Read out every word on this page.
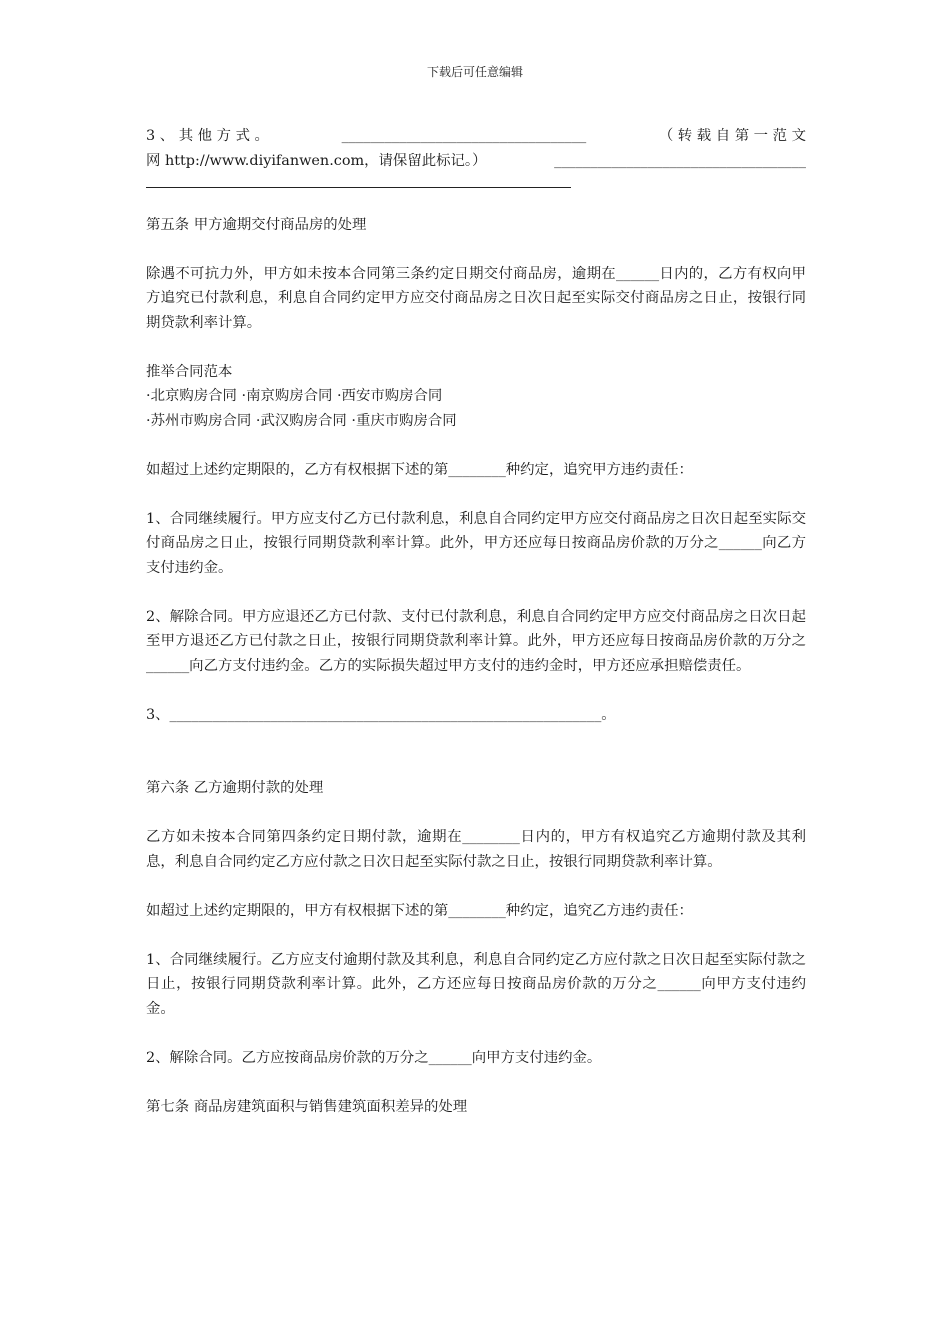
下载后可任意编辑
3 、 其 他 方 式 。	__________________________________	（ 转 载 自 第 一 范 文
网 http://www.diyifanwen.com，请保留此标记。）	___________________________________
第五条 甲方逾期交付商品房的处理
除遇不可抗力外，甲方如未按本合同第三条约定日期交付商品房，逾期在______日内的，乙方有权向甲方追究已付款利息，利息自合同约定甲方应交付商品房之日次日起至实际交付商品房之日止，按银行同期贷款利率计算。
推举合同范本
·北京购房合同 ·南京购房合同 ·西安市购房合同
·苏州市购房合同 ·武汉购房合同 ·重庆市购房合同
如超过上述约定期限的，乙方有权根据下述的第________种约定，追究甲方违约责任：
1、合同继续履行。甲方应支付乙方已付款利息，利息自合同约定甲方应交付商品房之日次日起至实际交付商品房之日止，按银行同期贷款利率计算。此外，甲方还应每日按商品房价款的万分之______向乙方支付违约金。
2、解除合同。甲方应退还乙方已付款、支付已付款利息，利息自合同约定甲方应交付商品房之日次日起至甲方退还乙方已付款之日止，按银行同期贷款利率计算。此外，甲方还应每日按商品房价款的万分之______向乙方支付违约金。乙方的实际损失超过甲方支付的违约金时，甲方还应承担赔偿责任。
3、____________________________________________________________。
第六条 乙方逾期付款的处理
乙方如未按本合同第四条约定日期付款，逾期在________日内的，甲方有权追究乙方逾期付款及其利息，利息自合同约定乙方应付款之日次日起至实际付款之日止，按银行同期贷款利率计算。
如超过上述约定期限的，甲方有权根据下述的第________种约定，追究乙方违约责任：
1、合同继续履行。乙方应支付逾期付款及其利息，利息自合同约定乙方应付款之日次日起至实际付款之日止，按银行同期贷款利率计算。此外，乙方还应每日按商品房价款的万分之______向甲方支付违约金。
2、解除合同。乙方应按商品房价款的万分之______向甲方支付违约金。
第七条 商品房建筑面积与销售建筑面积差异的处理
